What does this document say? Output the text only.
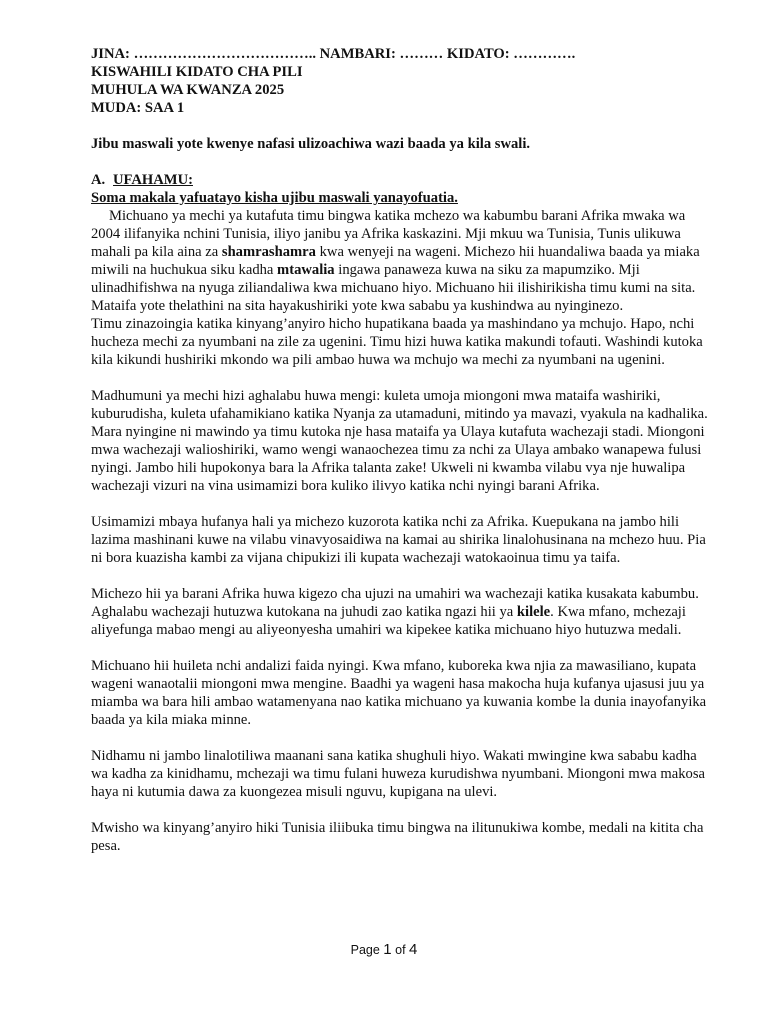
JINA: ……………………………….. NAMBARI: ……… KIDATO: ………….
KISWAHILI KIDATO CHA PILI
MUHULA WA KWANZA 2025
MUDA: SAA 1
Jibu maswali yote kwenye nafasi ulizoachiwa wazi baada ya kila swali.
A. UFAHAMU:
Soma makala yafuatayo kisha ujibu maswali yanayofuatia.

Michuano ya mechi ya kutafuta timu bingwa katika mchezo wa kabumbu barani Afrika mwaka wa 2004 ilifanyika nchini Tunisia, iliyo janibu ya Afrika kaskazini. Mji mkuu wa Tunisia, Tunis ulikuwa mahali pa kila aina za shamrashamra kwa wenyeji na wageni. Michezo hii huandaliwa baada ya miaka miwili na huchukua siku kadha mtawalia ingawa panaweza kuwa na siku za mapumziko. Mji ulinadhifishwa na nyuga ziliandaliwa kwa michuano hiyo. Michuano hii ilishirikisha timu kumi na sita. Mataifa yote thelathini na sita hayakushiriki yote kwa sababu ya kushindwa au nyinginezo.

Timu zinazoingia katika kinyang’anyiro hicho hupatikana baada ya mashindano ya mchujo. Hapo, nchi hucheza mechi za nyumbani na zile za ugenini. Timu hizi huwa katika makundi tofauti. Washindi kutoka kila kikundi hushiriki mkondo wa pili ambao huwa wa mchujo wa mechi za nyumbani na ugenini.

Madhumuni ya mechi hizi aghalabu huwa mengi: kuleta umoja miongoni mwa mataifa washiriki, kuburudisha, kuleta ufahamikiano katika Nyanja za utamaduni, mitindo ya mavazi, vyakula na kadhalika. Mara nyingine ni mawindo ya timu kutoka nje hasa mataifa ya Ulaya kutafuta wachezaji stadi. Miongoni mwa wachezaji walioshiriki, wamo wengi wanaochezea timu za nchi za Ulaya ambako wanapewa fulusi nyingi. Jambo hili hupokonya bara la Afrika talanta zake! Ukweli ni kwamba vilabu vya nje huwalipa wachezaji vizuri na vina usimamizi bora kuliko ilivyo katika nchi nyingi barani Afrika.

Usimamizi mbaya hufanya hali ya michezo kuzorota katika nchi za Afrika. Kuepukana na jambo hili lazima mashinani kuwe na vilabu vinavyosaidiwa na kamai au shirika linalohusinana na mchezo huu. Pia ni bora kuazisha kambi za vijana chipukizi ili kupata wachezaji watokaoinua timu ya taifa.

Michezo hii ya barani Afrika huwa kigezo cha ujuzi na umahiri wa wachezaji katika kusakata kabumbu. Aghalabu wachezaji hutuzwa kutokana na juhudi zao katika ngazi hii ya kilele. Kwa mfano, mchezaji aliyefunga mabao mengi au aliyeonyesha umahiri wa kipekee katika michuano hiyo hutuzwa medali.

Michuano hii huileta nchi andalizi faida nyingi. Kwa mfano, kuboreka kwa njia za mawasiliano, kupata wageni wanaotalii miongoni mwa mengine. Baadhi ya wageni hasa makocha huja kufanya ujasusi juu ya miamba wa bara hili ambao watamenyana nao katika michuano ya kuwania kombe la dunia inayofanyika baada ya kila miaka minne.

Nidhamu ni jambo linalotiliwa maanani sana katika shughuli hiyo. Wakati mwingine kwa sababu kadha wa kadha za kinidhamu, mchezaji wa timu fulani huweza kurudishwa nyumbani. Miongoni mwa makosa haya ni kutumia dawa za kuongezea misuli nguvu, kupigana na ulevi.

Mwisho wa kinyang’anyiro hiki Tunisia iliibuka timu bingwa na ilitunukiwa kombe, medali na kitita cha pesa.

Page 1 of 4
